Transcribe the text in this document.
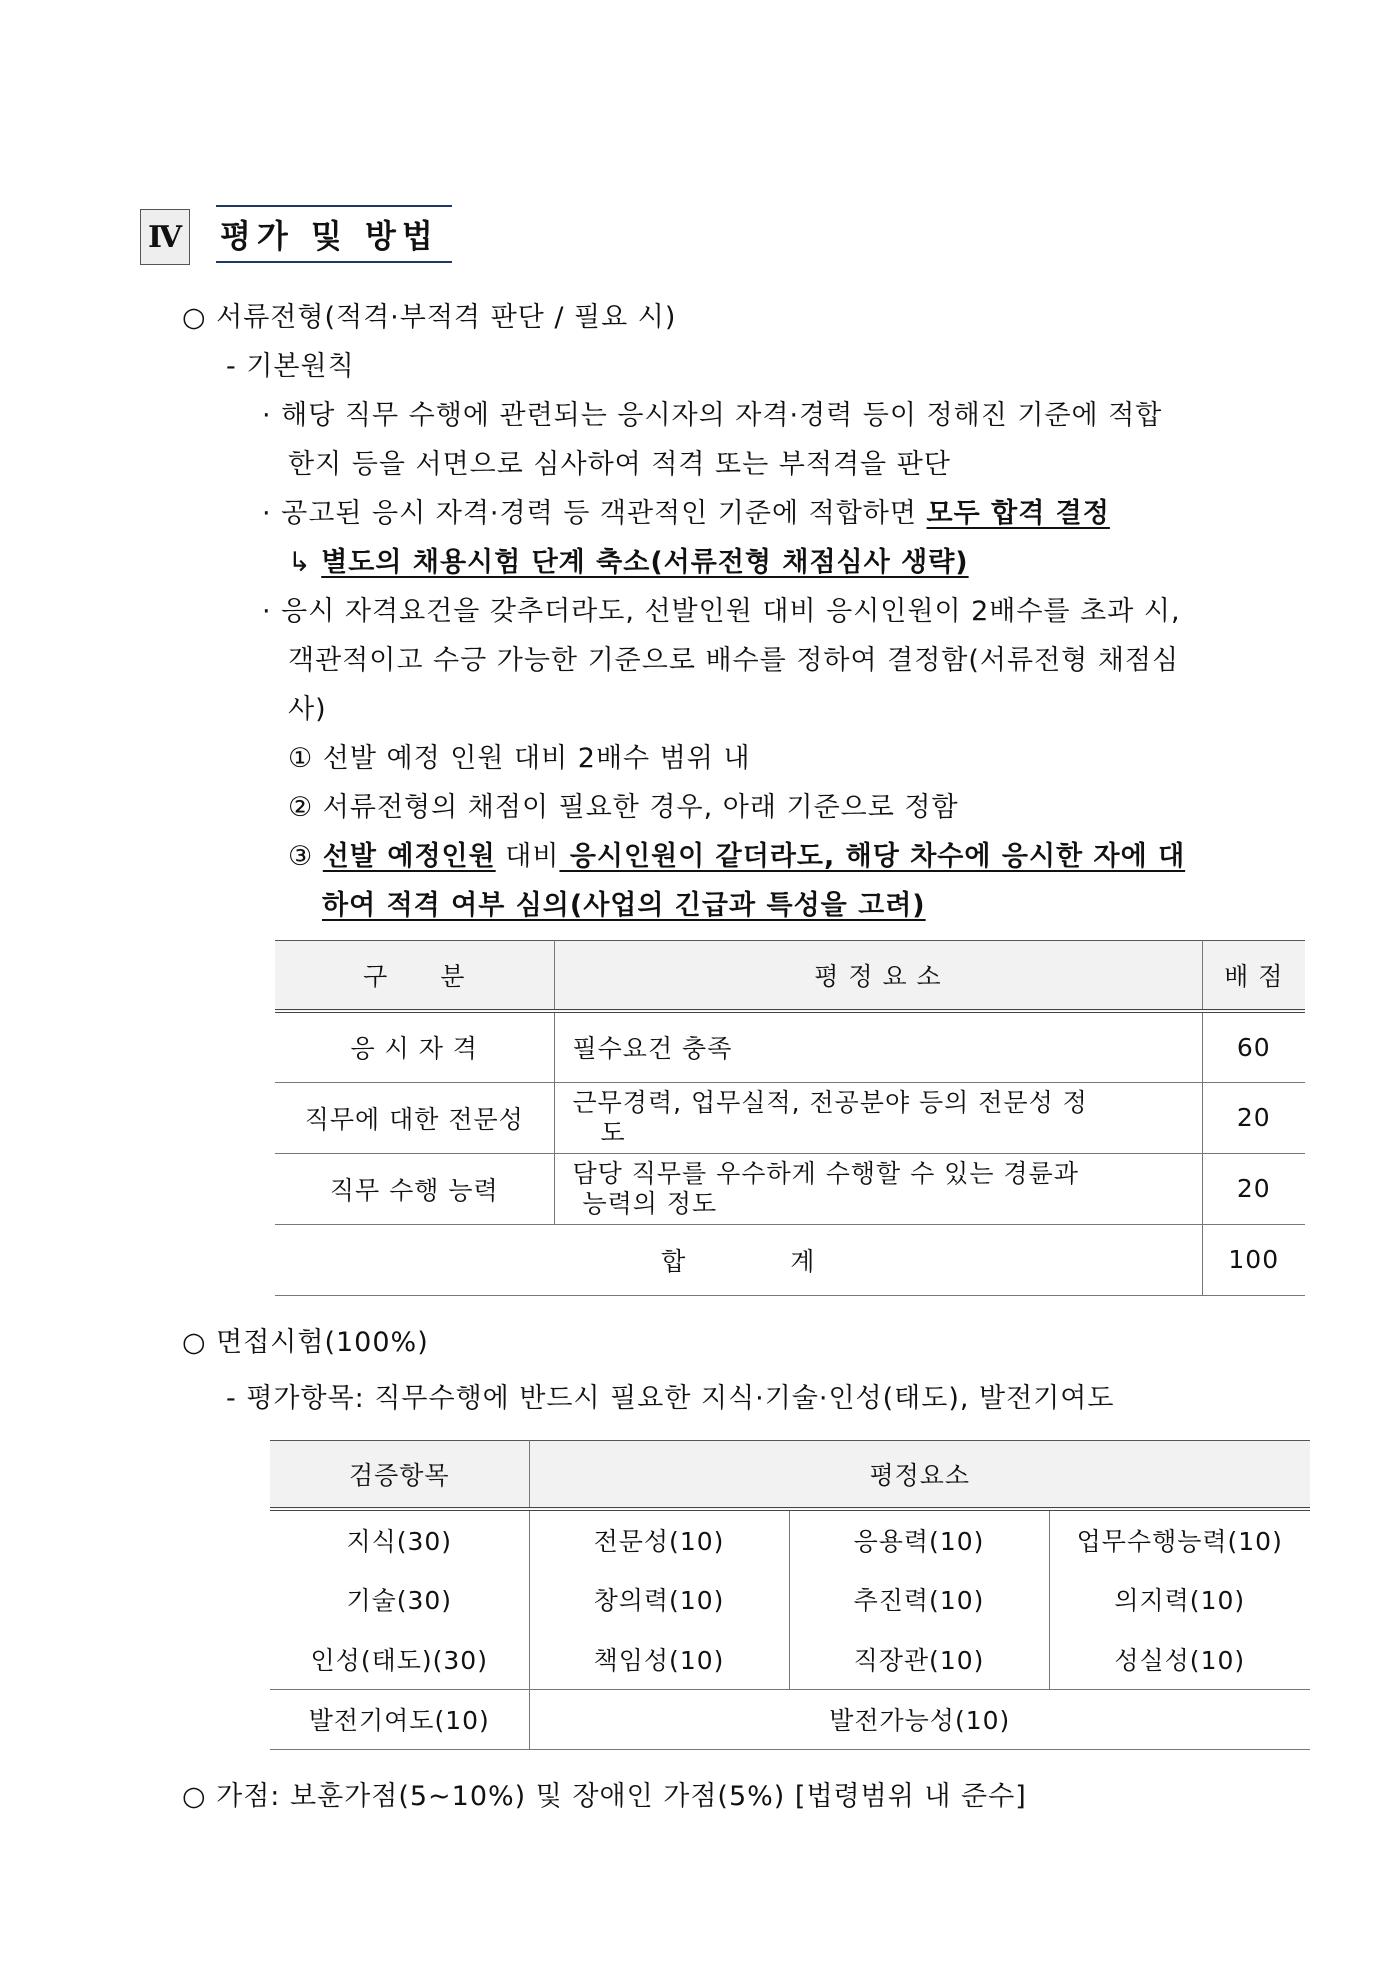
Ⅳ 평가 및 방법
○ 서류전형(적격·부적격 판단 / 필요 시)
- 기본원칙
· 해당 직무 수행에 관련되는 응시자의 자격·경력 등이 정해진 기준에 적합
한지 등을 서면으로 심사하여 적격 또는 부적격을 판단
· 공고된 응시 자격·경력 등 객관적인 기준에 적합하면 모두 합격 결정
↳ 별도의 채용시험 단계 축소(서류전형 채점심사 생략)
· 응시 자격요건을 갖추더라도, 선발인원 대비 응시인원이 2배수를 초과 시,
객관적이고 수긍 가능한 기준으로 배수를 정하여 결정함(서류전형 채점심
사)
① 선발 예정 인원 대비 2배수 범위 내
② 서류전형의 채점이 필요한 경우, 아래 기준으로 정함
③ 선발 예정인원 대비 응시인원이 같더라도, 해당 차수에 응시한 자에 대
하여 적격 여부 심의(사업의 긴급과 특성을 고려)
구　　분	평 정 요 소	배 점
응 시 자 격	필수요건 충족	60
직무에 대한 전문성	근무경력, 업무실적, 전공분야 등의 전문성 정
도	20
직무 수행 능력	담당 직무를 우수하게 수행할 수 있는 경륜과
능력의 정도	20
합　　　　계		100
○ 면접시험(100%)
- 평가항목: 직무수행에 반드시 필요한 지식·기술·인성(태도), 발전기여도
검증항목	평정요소		
지식(30)	전문성(10)	응용력(10)	업무수행능력(10)
기술(30)	창의력(10)	추진력(10)	의지력(10)
인성(태도)(30)	책임성(10)	직장관(10)	성실성(10)
발전기여도(10)	발전가능성(10)		
○ 가점: 보훈가점(5~10%) 및 장애인 가점(5%) [법령범위 내 준수]
